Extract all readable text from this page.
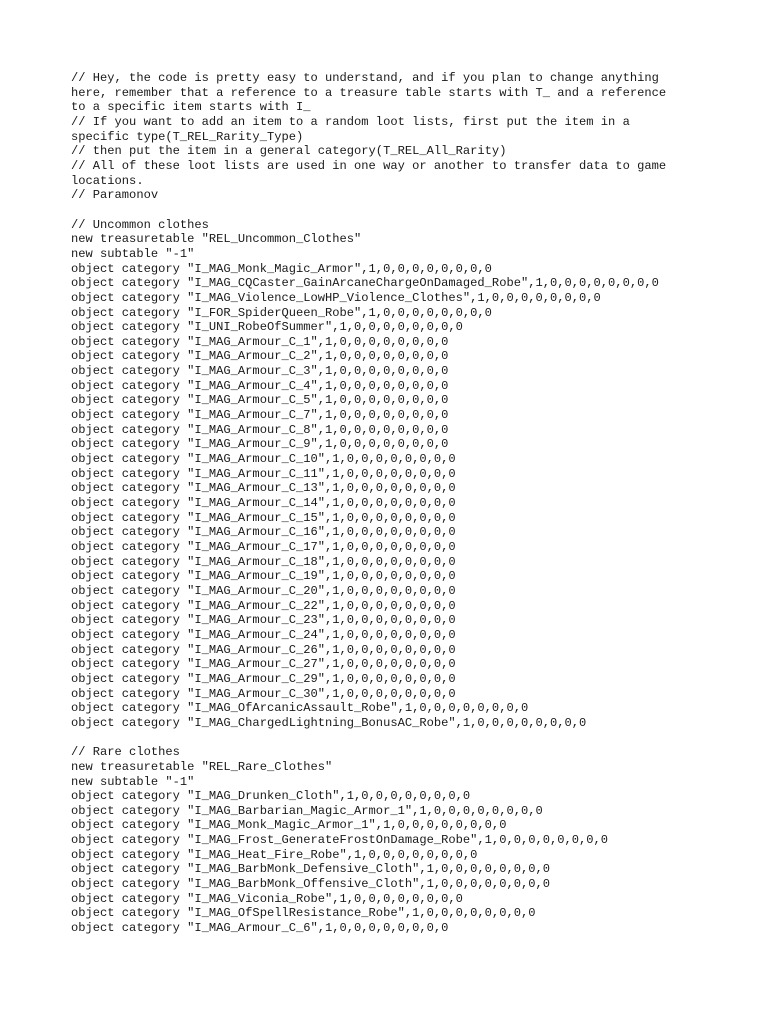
// Hey, the code is pretty easy to understand, and if you plan to change anything
here, remember that a reference to a treasure table starts with T_ and a reference
to a specific item starts with I_
// If you want to add an item to a random loot lists, first put the item in a
specific type(T_REL_Rarity_Type)
// then put the item in a general category(T_REL_All_Rarity)
// All of these loot lists are used in one way or another to transfer data to game
locations.
// Paramonov
// Uncommon clothes
new treasuretable "REL_Uncommon_Clothes"
new subtable "-1"
object category "I_MAG_Monk_Magic_Armor",1,0,0,0,0,0,0,0,0
object category "I_MAG_CQCaster_GainArcaneChargeOnDamaged_Robe",1,0,0,0,0,0,0,0,0
object category "I_MAG_Violence_LowHP_Violence_Clothes",1,0,0,0,0,0,0,0,0
object category "I_FOR_SpiderQueen_Robe",1,0,0,0,0,0,0,0,0
object category "I_UNI_RobeOfSummer",1,0,0,0,0,0,0,0,0
object category "I_MAG_Armour_C_1",1,0,0,0,0,0,0,0,0
object category "I_MAG_Armour_C_2",1,0,0,0,0,0,0,0,0
object category "I_MAG_Armour_C_3",1,0,0,0,0,0,0,0,0
object category "I_MAG_Armour_C_4",1,0,0,0,0,0,0,0,0
object category "I_MAG_Armour_C_5",1,0,0,0,0,0,0,0,0
object category "I_MAG_Armour_C_7",1,0,0,0,0,0,0,0,0
object category "I_MAG_Armour_C_8",1,0,0,0,0,0,0,0,0
object category "I_MAG_Armour_C_9",1,0,0,0,0,0,0,0,0
object category "I_MAG_Armour_C_10",1,0,0,0,0,0,0,0,0
object category "I_MAG_Armour_C_11",1,0,0,0,0,0,0,0,0
object category "I_MAG_Armour_C_13",1,0,0,0,0,0,0,0,0
object category "I_MAG_Armour_C_14",1,0,0,0,0,0,0,0,0
object category "I_MAG_Armour_C_15",1,0,0,0,0,0,0,0,0
object category "I_MAG_Armour_C_16",1,0,0,0,0,0,0,0,0
object category "I_MAG_Armour_C_17",1,0,0,0,0,0,0,0,0
object category "I_MAG_Armour_C_18",1,0,0,0,0,0,0,0,0
object category "I_MAG_Armour_C_19",1,0,0,0,0,0,0,0,0
object category "I_MAG_Armour_C_20",1,0,0,0,0,0,0,0,0
object category "I_MAG_Armour_C_22",1,0,0,0,0,0,0,0,0
object category "I_MAG_Armour_C_23",1,0,0,0,0,0,0,0,0
object category "I_MAG_Armour_C_24",1,0,0,0,0,0,0,0,0
object category "I_MAG_Armour_C_26",1,0,0,0,0,0,0,0,0
object category "I_MAG_Armour_C_27",1,0,0,0,0,0,0,0,0
object category "I_MAG_Armour_C_29",1,0,0,0,0,0,0,0,0
object category "I_MAG_Armour_C_30",1,0,0,0,0,0,0,0,0
object category "I_MAG_OfArcanicAssault_Robe",1,0,0,0,0,0,0,0,0
object category "I_MAG_ChargedLightning_BonusAC_Robe",1,0,0,0,0,0,0,0,0
// Rare clothes
new treasuretable "REL_Rare_Clothes"
new subtable "-1"
object category "I_MAG_Drunken_Cloth",1,0,0,0,0,0,0,0,0
object category "I_MAG_Barbarian_Magic_Armor_1",1,0,0,0,0,0,0,0,0
object category "I_MAG_Monk_Magic_Armor_1",1,0,0,0,0,0,0,0,0
object category "I_MAG_Frost_GenerateFrostOnDamage_Robe",1,0,0,0,0,0,0,0,0
object category "I_MAG_Heat_Fire_Robe",1,0,0,0,0,0,0,0,0
object category "I_MAG_BarbMonk_Defensive_Cloth",1,0,0,0,0,0,0,0,0
object category "I_MAG_BarbMonk_Offensive_Cloth",1,0,0,0,0,0,0,0,0
object category "I_MAG_Viconia_Robe",1,0,0,0,0,0,0,0,0
object category "I_MAG_OfSpellResistance_Robe",1,0,0,0,0,0,0,0,0
object category "I_MAG_Armour_C_6",1,0,0,0,0,0,0,0,0
